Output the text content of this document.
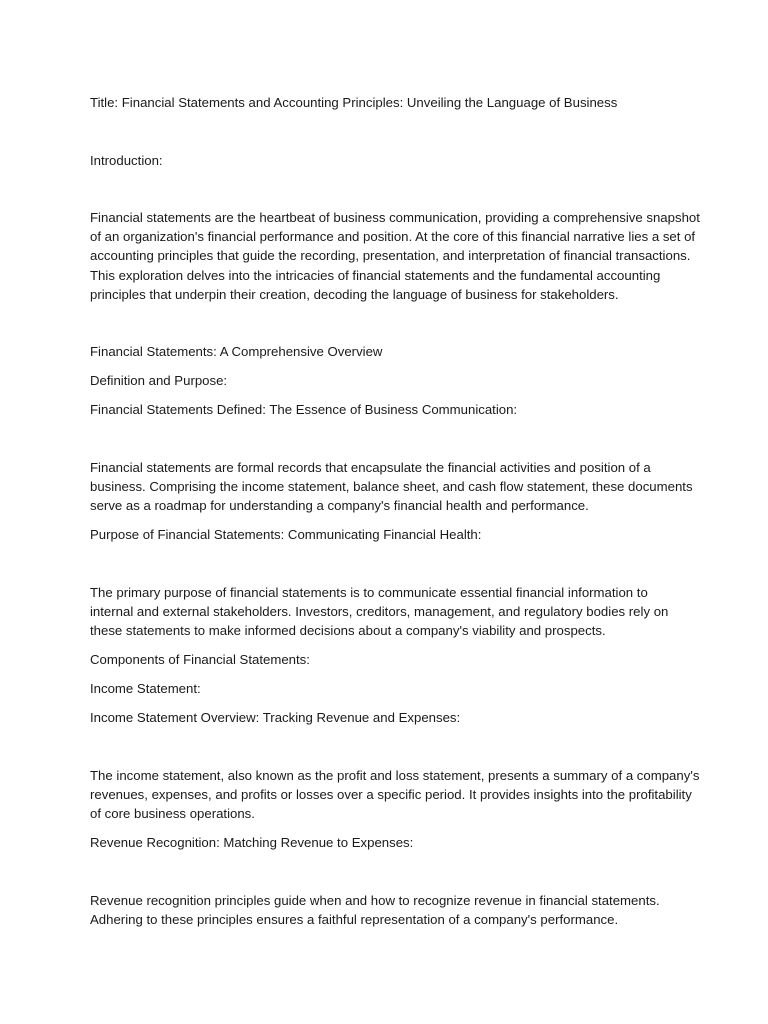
Title: Financial Statements and Accounting Principles: Unveiling the Language of Business

Introduction:

Financial statements are the heartbeat of business communication, providing a comprehensive snapshot
of an organization's financial performance and position. At the core of this financial narrative lies a set of
accounting principles that guide the recording, presentation, and interpretation of financial transactions.
This exploration delves into the intricacies of financial statements and the fundamental accounting
principles that underpin their creation, decoding the language of business for stakeholders.

Financial Statements: A Comprehensive Overview

Definition and Purpose:

Financial Statements Defined: The Essence of Business Communication:

Financial statements are formal records that encapsulate the financial activities and position of a
business. Comprising the income statement, balance sheet, and cash flow statement, these documents
serve as a roadmap for understanding a company's financial health and performance.

Purpose of Financial Statements: Communicating Financial Health:

The primary purpose of financial statements is to communicate essential financial information to
internal and external stakeholders. Investors, creditors, management, and regulatory bodies rely on
these statements to make informed decisions about a company's viability and prospects.

Components of Financial Statements:

Income Statement:

Income Statement Overview: Tracking Revenue and Expenses:

The income statement, also known as the profit and loss statement, presents a summary of a company's
revenues, expenses, and profits or losses over a specific period. It provides insights into the profitability
of core business operations.

Revenue Recognition: Matching Revenue to Expenses:

Revenue recognition principles guide when and how to recognize revenue in financial statements.
Adhering to these principles ensures a faithful representation of a company's performance.
